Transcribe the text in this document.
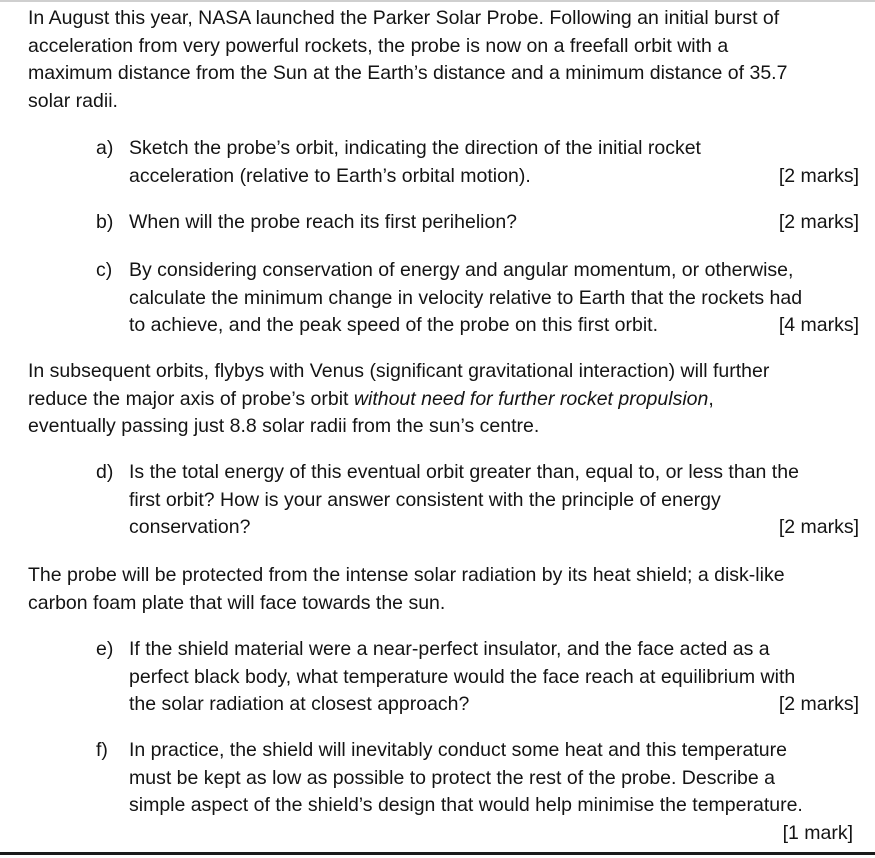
In August this year, NASA launched the Parker Solar Probe. Following an initial burst of
acceleration from very powerful rockets, the probe is now on a freefall orbit with a
maximum distance from the Sun at the Earth’s distance and a minimum distance of 35.7
solar radii.
a) Sketch the probe’s orbit, indicating the direction of the initial rocket
acceleration (relative to Earth’s orbital motion).	[2 marks]
b) When will the probe reach its first perihelion?	[2 marks]
c) By considering conservation of energy and angular momentum, or otherwise,
calculate the minimum change in velocity relative to Earth that the rockets had
to achieve, and the peak speed of the probe on this first orbit.	[4 marks]
In subsequent orbits, flybys with Venus (significant gravitational interaction) will further
reduce the major axis of probe’s orbit without need for further rocket propulsion,
eventually passing just 8.8 solar radii from the sun’s centre.
d) Is the total energy of this eventual orbit greater than, equal to, or less than the
first orbit? How is your answer consistent with the principle of energy
conservation?	[2 marks]
The probe will be protected from the intense solar radiation by its heat shield; a disk-like
carbon foam plate that will face towards the sun.
e) If the shield material were a near-perfect insulator, and the face acted as a
perfect black body, what temperature would the face reach at equilibrium with
the solar radiation at closest approach?	[2 marks]
f) In practice, the shield will inevitably conduct some heat and this temperature
must be kept as low as possible to protect the rest of the probe. Describe a
simple aspect of the shield’s design that would help minimise the temperature.
[1 mark]
